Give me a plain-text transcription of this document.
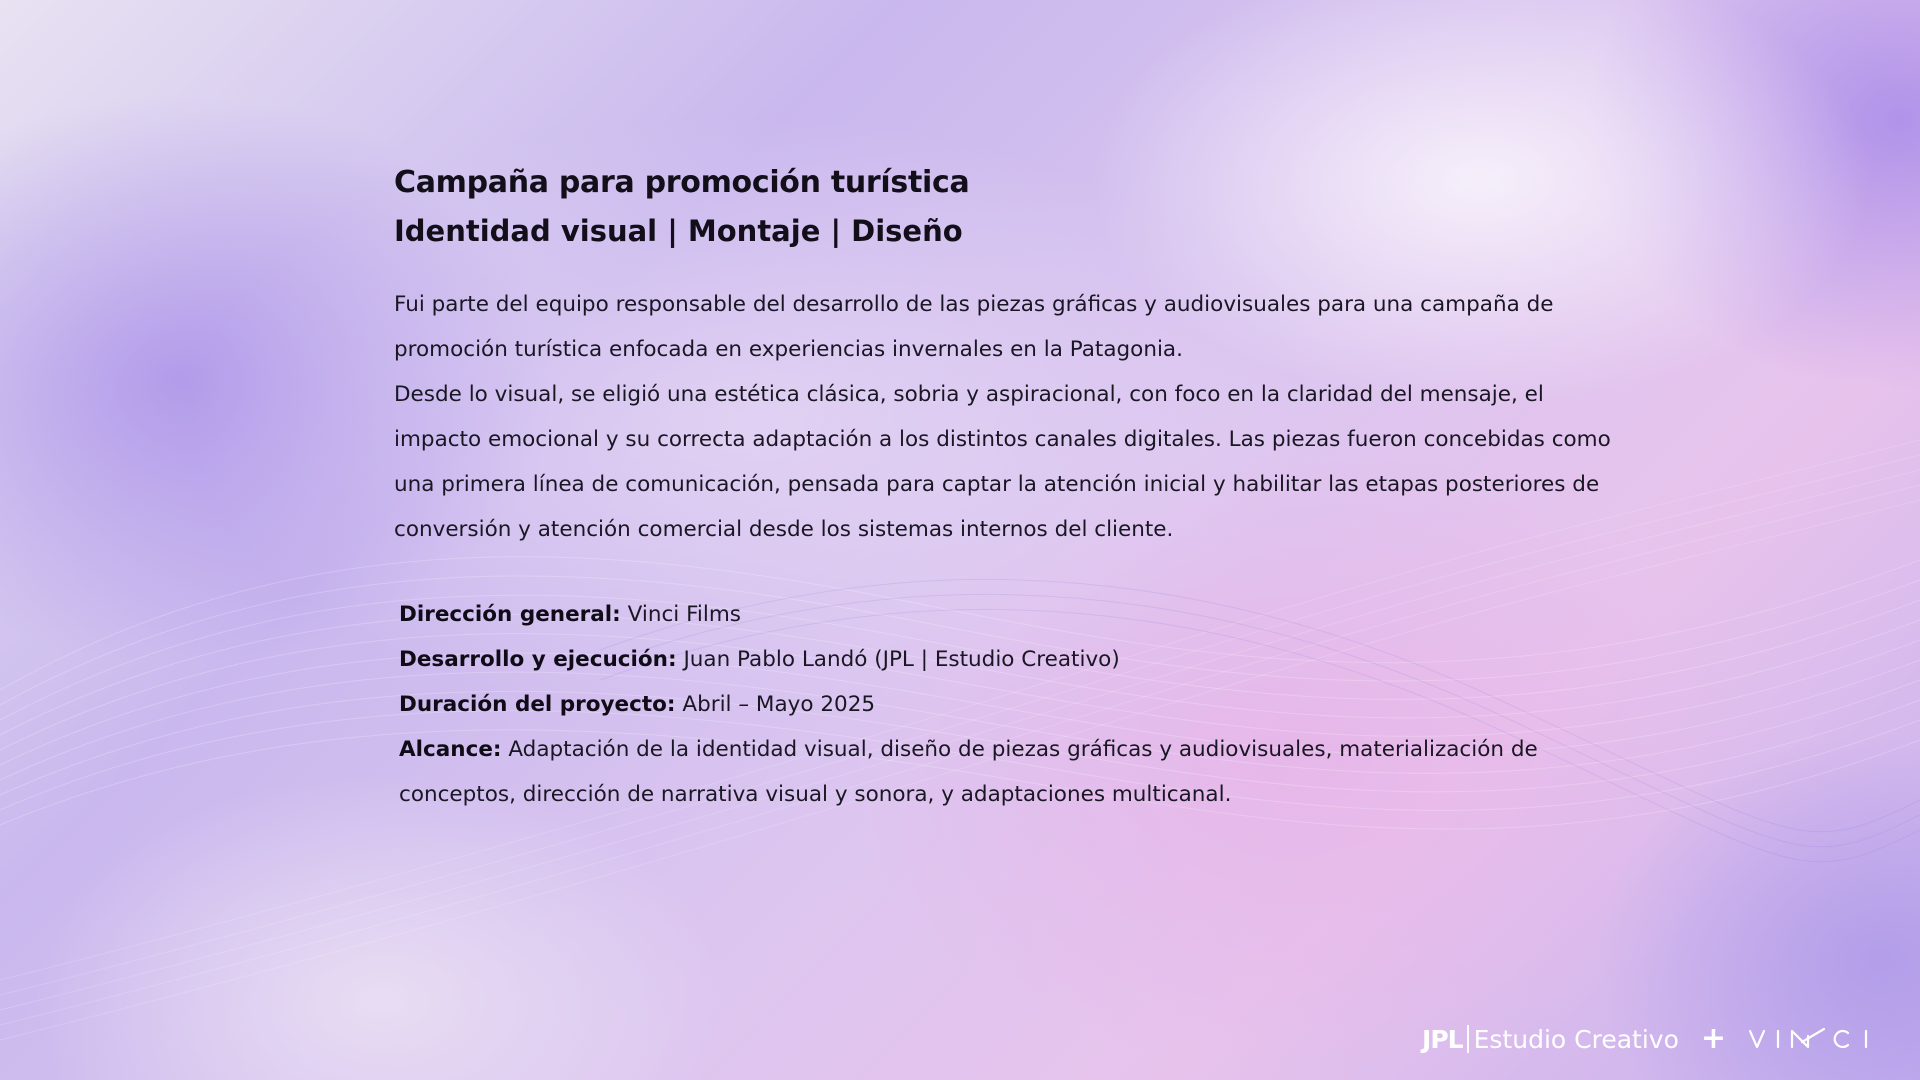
Campaña para promoción turística
Identidad visual | Montaje | Diseño

Fui parte del equipo responsable del desarrollo de las piezas gráficas y audiovisuales para una campaña de promoción turística enfocada en experiencias invernales en la Patagonia.

Desde lo visual, se eligió una estética clásica, sobria y aspiracional, con foco en la claridad del mensaje, el impacto emocional y su correcta adaptación a los distintos canales digitales. Las piezas fueron concebidas como una primera línea de comunicación, pensada para captar la atención inicial y habilitar las etapas posteriores de conversión y atención comercial desde los sistemas internos del cliente.

Dirección general: Vinci Films

Desarrollo y ejecución: Juan Pablo Landó (JPL | Estudio Creativo)

Duración del proyecto: Abril – Mayo 2025

Alcance: Adaptación de la identidad visual, diseño de piezas gráficas y audiovisuales, materialización de conceptos, dirección de narrativa visual y sonora, y adaptaciones multicanal.

JPL Estudio Creativo +
